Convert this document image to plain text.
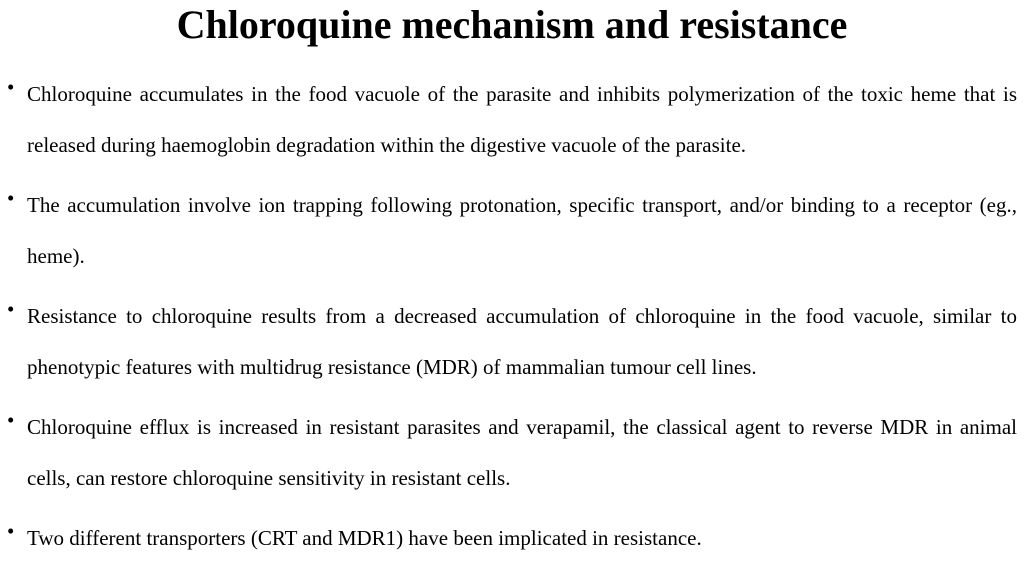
Chloroquine mechanism and resistance
• Chloroquine accumulates in the food vacuole of the parasite and inhibits polymerization of the toxic heme that is released during haemoglobin degradation within the digestive vacuole of the parasite.
• The accumulation involve ion trapping following protonation, specific transport, and/or binding to a receptor (eg., heme).
• Resistance to chloroquine results from a decreased accumulation of chloroquine in the food vacuole, similar to phenotypic features with multidrug resistance (MDR) of mammalian tumour cell lines.
• Chloroquine efflux is increased in resistant parasites and verapamil, the classical agent to reverse MDR in animal cells, can restore chloroquine sensitivity in resistant cells.
• Two different transporters (CRT and MDR1) have been implicated in resistance.
